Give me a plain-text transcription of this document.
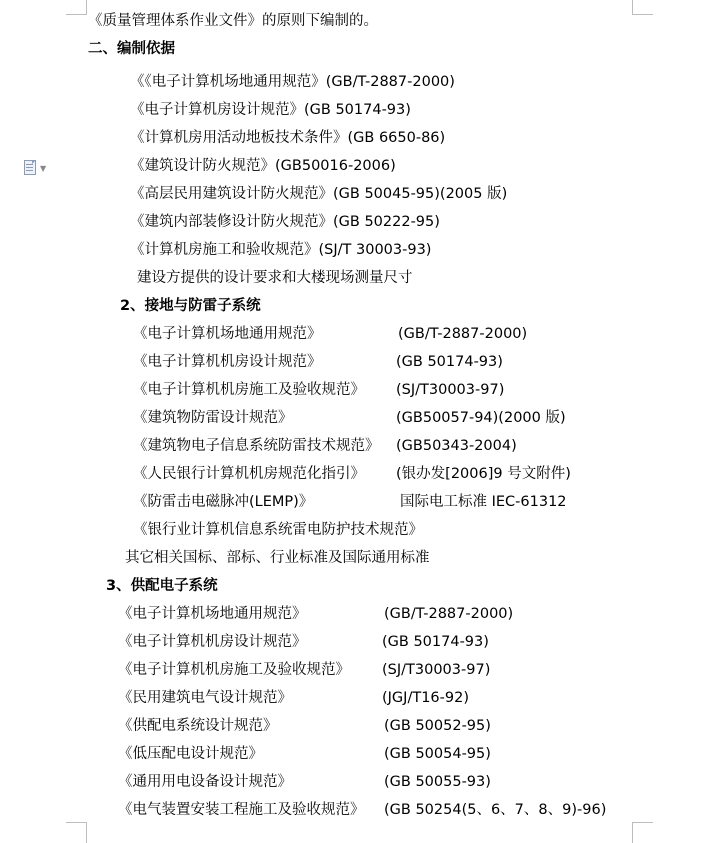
▼
《质量管理体系作业文件》的原则下编制的。
二、编制依据
《《电子计算机场地通用规范》(GB/T-2887-2000)
《电子计算机房设计规范》(GB 50174-93)
《计算机房用活动地板技术条件》(GB 6650-86)
《建筑设计防火规范》(GB50016-2006)
《高层民用建筑设计防火规范》(GB 50045-95)(2005 版)
《建筑内部装修设计防火规范》(GB 50222-95)
《计算机房施工和验收规范》(SJ/T 30003-93)
建设方提供的设计要求和大楼现场测量尺寸
2、接地与防雷子系统
《电子计算机场地通用规范》	(GB/T-2887-2000)
《电子计算机机房设计规范》	(GB 50174-93)
《电子计算机机房施工及验收规范》 (SJ/T30003-97)
《建筑物防雷设计规范》	(GB50057-94)(2000 版)
《建筑物电子信息系统防雷技术规范》 (GB50343-2004)
《人民银行计算机机房规范化指引》 (银办发[2006]9 号文附件)
《防雷击电磁脉冲(LEMP)》	国际电工标准 IEC-61312
《银行业计算机信息系统雷电防护技术规范》
其它相关国标、部标、行业标准及国际通用标准
3、供配电子系统
《电子计算机场地通用规范》	(GB/T-2887-2000)
《电子计算机机房设计规范》	(GB 50174-93)
《电子计算机机房施工及验收规范》 (SJ/T30003-97)
《民用建筑电气设计规范》	(JGJ/T16-92)
《供配电系统设计规范》	(GB 50052-95)
《低压配电设计规范》	(GB 50054-95)
《通用用电设备设计规范》	(GB 50055-93)
《电气装置安装工程施工及验收规范》 (GB 50254(5、6、7、8、9)-96)
